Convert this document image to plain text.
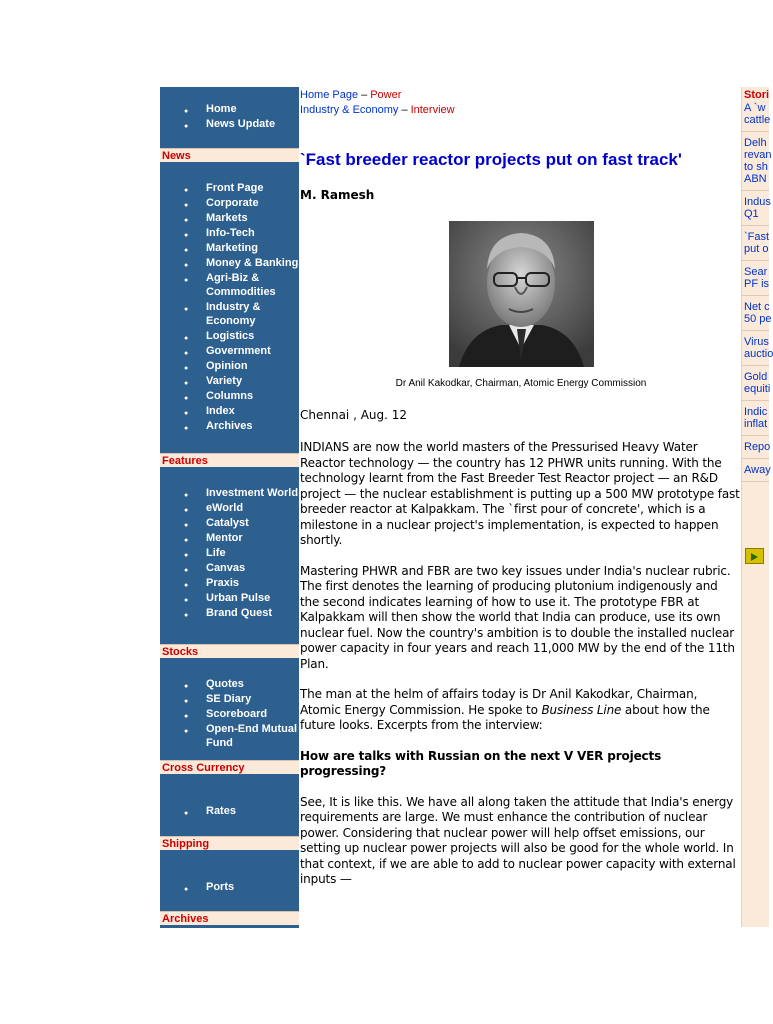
● Home
● News Update
News
● Front Page
● Corporate
● Markets
● Info-Tech
● Marketing
● Money & Banking
● Agri-Biz & Commodities
● Industry & Economy
● Logistics
● Government
● Opinion
● Variety
● Columns
● Index
● Archives
Features
● Investment World
● eWorld
● Catalyst
● Mentor
● Life
● Canvas
● Praxis
● Urban Pulse
● Brand Quest
Stocks
● Quotes
● SE Diary
● Scoreboard
● Open-End Mutual Fund
Cross Currency
● Rates
Shipping
● Ports
Archives
Home Page – Power
Industry & Economy – Interview
`Fast breeder reactor projects put on fast track'
M. Ramesh
Dr Anil Kakodkar, Chairman, Atomic Energy Commission
Chennai , Aug. 12

INDIANS are now the world masters of the Pressurised Heavy Water Reactor technology — the country has 12 PHWR units running. With the technology learnt from the Fast Breeder Test Reactor project — an R&D project — the nuclear establishment is putting up a 500 MW prototype fast breeder reactor at Kalpakkam. The `first pour of concrete', which is a milestone in a nuclear project's implementation, is expected to happen shortly.

Mastering PHWR and FBR are two key issues under India's nuclear rubric. The first denotes the learning of producing plutonium indigenously and the second indicates learning of how to use it. The prototype FBR at Kalpakkam will then show the world that India can produce, use its own nuclear fuel. Now the country's ambition is to double the installed nuclear power capacity in four years and reach 11,000 MW by the end of the 11th Plan.

The man at the helm of affairs today is Dr Anil Kakodkar, Chairman, Atomic Energy Commission. He spoke to Business Line about how the future looks. Excerpts from the interview:

How are talks with Russian on the next V VER projects progressing?

See, It is like this. We have all along taken the attitude that India's energy requirements are large. We must enhance the contribution of nuclear power. Considering that nuclear power will help offset emissions, our setting up nuclear power projects will also be good for the whole world. In that context, if we are able to add to nuclear power capacity with external inputs —

Stori
A `w
cattle
Delh
revan
to sh
ABN
Indus
Q1
`Fast
put o
Sear
PF is
Net c
50 pe
Virus
auctio
Gold
equiti
Indic
inflat
Repo
Away
